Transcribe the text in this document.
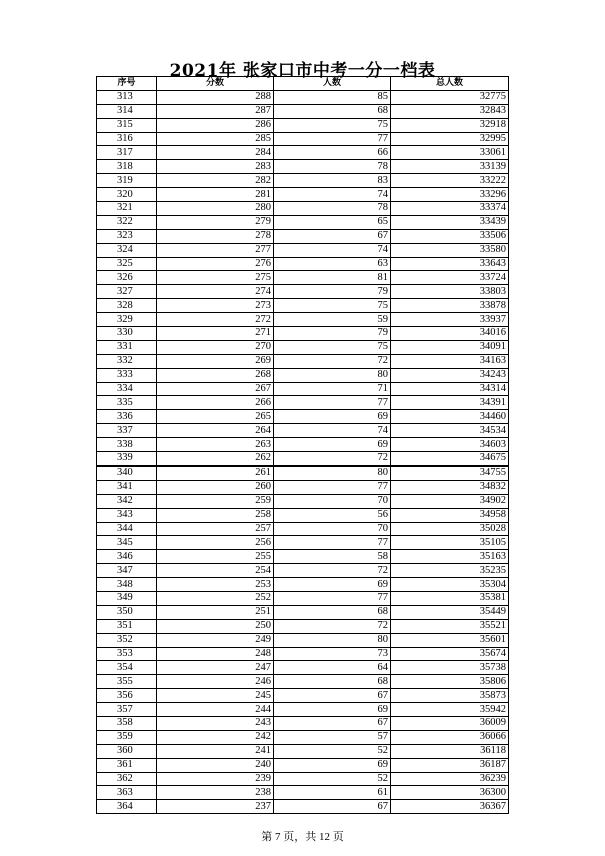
2021年 张家口市中考一分一档表
序号	分数	人数	总人数
313	288	85	32775
314	287	68	32843
315	286	75	32918
316	285	77	32995
317	284	66	33061
318	283	78	33139
319	282	83	33222
320	281	74	33296
321	280	78	33374
322	279	65	33439
323	278	67	33506
324	277	74	33580
325	276	63	33643
326	275	81	33724
327	274	79	33803
328	273	75	33878
329	272	59	33937
330	271	79	34016
331	270	75	34091
332	269	72	34163
333	268	80	34243
334	267	71	34314
335	266	77	34391
336	265	69	34460
337	264	74	34534
338	263	69	34603
339	262	72	34675
340	261	80	34755
341	260	77	34832
342	259	70	34902
343	258	56	34958
344	257	70	35028
345	256	77	35105
346	255	58	35163
347	254	72	35235
348	253	69	35304
349	252	77	35381
350	251	68	35449
351	250	72	35521
352	249	80	35601
353	248	73	35674
354	247	64	35738
355	246	68	35806
356	245	67	35873
357	244	69	35942
358	243	67	36009
359	242	57	36066
360	241	52	36118
361	240	69	36187
362	239	52	36239
363	238	61	36300
364	237	67	36367
第 7 页，共 12 页
